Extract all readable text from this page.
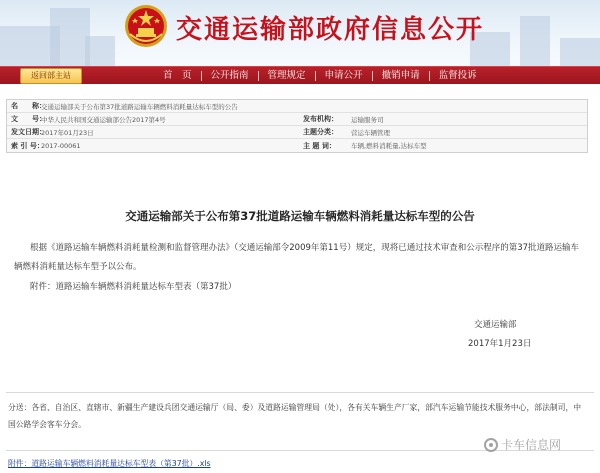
交通运输部政府信息公开
返回部主站	首　页	公开指南	管理规定	申请公开	撤销申请	监督投诉
名　　称：
交通运输部关于公布第37批道路运输车辆燃料消耗量达标车型的公告
文　　号：
中华人民共和国交通运输部公告2017第4号	发布机构：	运输服务司
发文日期：
2017年01月23日	主题分类：	营运车辆管理
索 引 号：
2017-00061	主 题 词：	车辆,燃料消耗量,达标车型
交通运输部关于公布第37批道路运输车辆燃料消耗量达标车型的公告
根据《道路运输车辆燃料消耗量检测和监督管理办法》（交通运输部令2009年第11号）规定，现将已通过技术审查和公示程序的第37批道路运输车辆燃料消耗量达标车型予以公布。
附件：道路运输车辆燃料消耗量达标车型表（第37批）
交通运输部
2017年1月23日
分送：各省、自治区、直辖市、新疆生产建设兵团交通运输厅（局、委）及道路运输管理局（处），各有关车辆生产厂家，部汽车运输节能技术服务中心，部法制司，中国公路学会客车分会。
附件：道路运输车辆燃料消耗量达标车型表（第37批）.xls
卡车信息网
